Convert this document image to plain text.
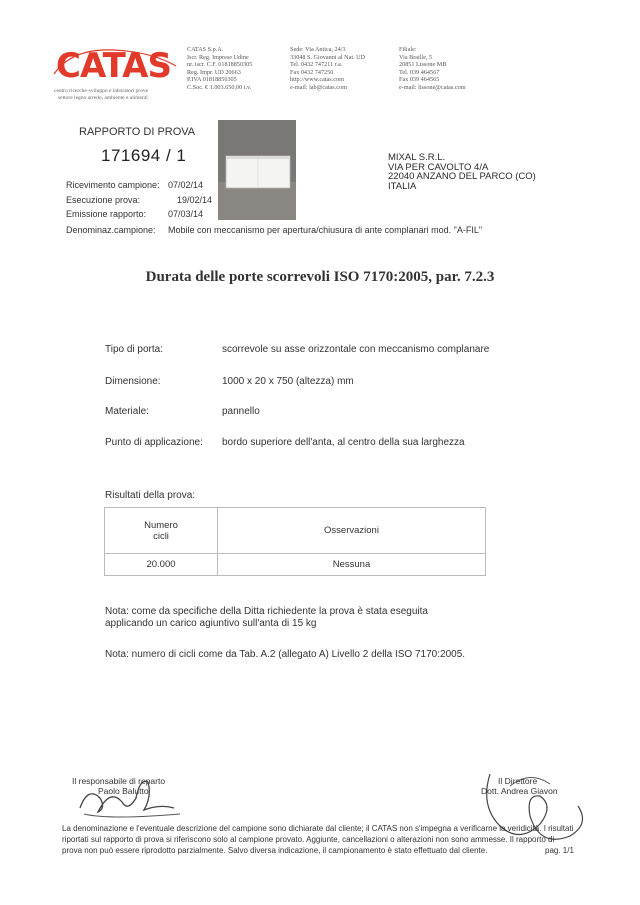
CATAS
centro ricerche-sviluppo e laboratori prove
settore legno arredo, ambiente e alimenti
CATAS S.p.A.
Iscr. Reg. Imprese Udine
nr. iscr. C.F. 01818850305
Reg. Impr. UD 20663
P.IVA 01818850305
C.Soc. € 1.003.650,00 i.v.
Sede: Via Antica, 24/3
33048 S. Giovanni al Nat. UD
Tel. 0432 747211 r.a.
Fax 0432 747250
http://www.catas.com
e-mail: lab@catas.com
Filiale:
Via Braille, 5
20851 Lissone MB
Tel. 039 464567
Fax 039 464565
e-mail: lissone@catas.com
RAPPORTO DI PROVA
171694 / 1
Ricevimento campione: 07/02/14
Esecuzione prova:	19/02/14
Emissione rapporto: 07/03/14
Denominaz.campione: Mobile con meccanismo per apertura/chiusura di ante complanari mod. "A-FIL"
MIXAL S.R.L.
VIA PER CAVOLTO 4/A
22040 ANZANO DEL PARCO (CO)
ITALIA
Durata delle porte scorrevoli ISO 7170:2005, par. 7.2.3
Tipo di porta:	scorrevole su asse orizzontale con meccanismo complanare
Dimensione:	1000 x 20 x 750 (altezza) mm
Materiale:	pannello
Punto di applicazione: bordo superiore dell'anta, al centro della sua larghezza
Risultati della prova:
Numero
cicli	Osservazioni
20.000	Nessuna
Nota: come da specifiche della Ditta richiedente la prova è stata eseguita
applicando un carico agiuntivo sull'anta di 15 kg
Nota: numero di cicli come da Tab. A.2 (allegato A) Livello 2 della ISO 7170:2005.
Il responsabile di reparto
Paolo Balutto
Il Direttore
Dott. Andrea Giavon
La denominazione e l'eventuale descrizione del campione sono dichiarate dal cliente; il CATAS non s'impegna a verificarne la veridicità. I risultati
riportati sul rapporto di prova si riferiscono solo al campione provato. Aggiunte, cancellazioni o alterazioni non sono ammesse. Il rapporto di
prova non può essere riprodotto parzialmente. Salvo diversa indicazione, il campionamento è stato effettuato dal cliente.	pag. 1/1
